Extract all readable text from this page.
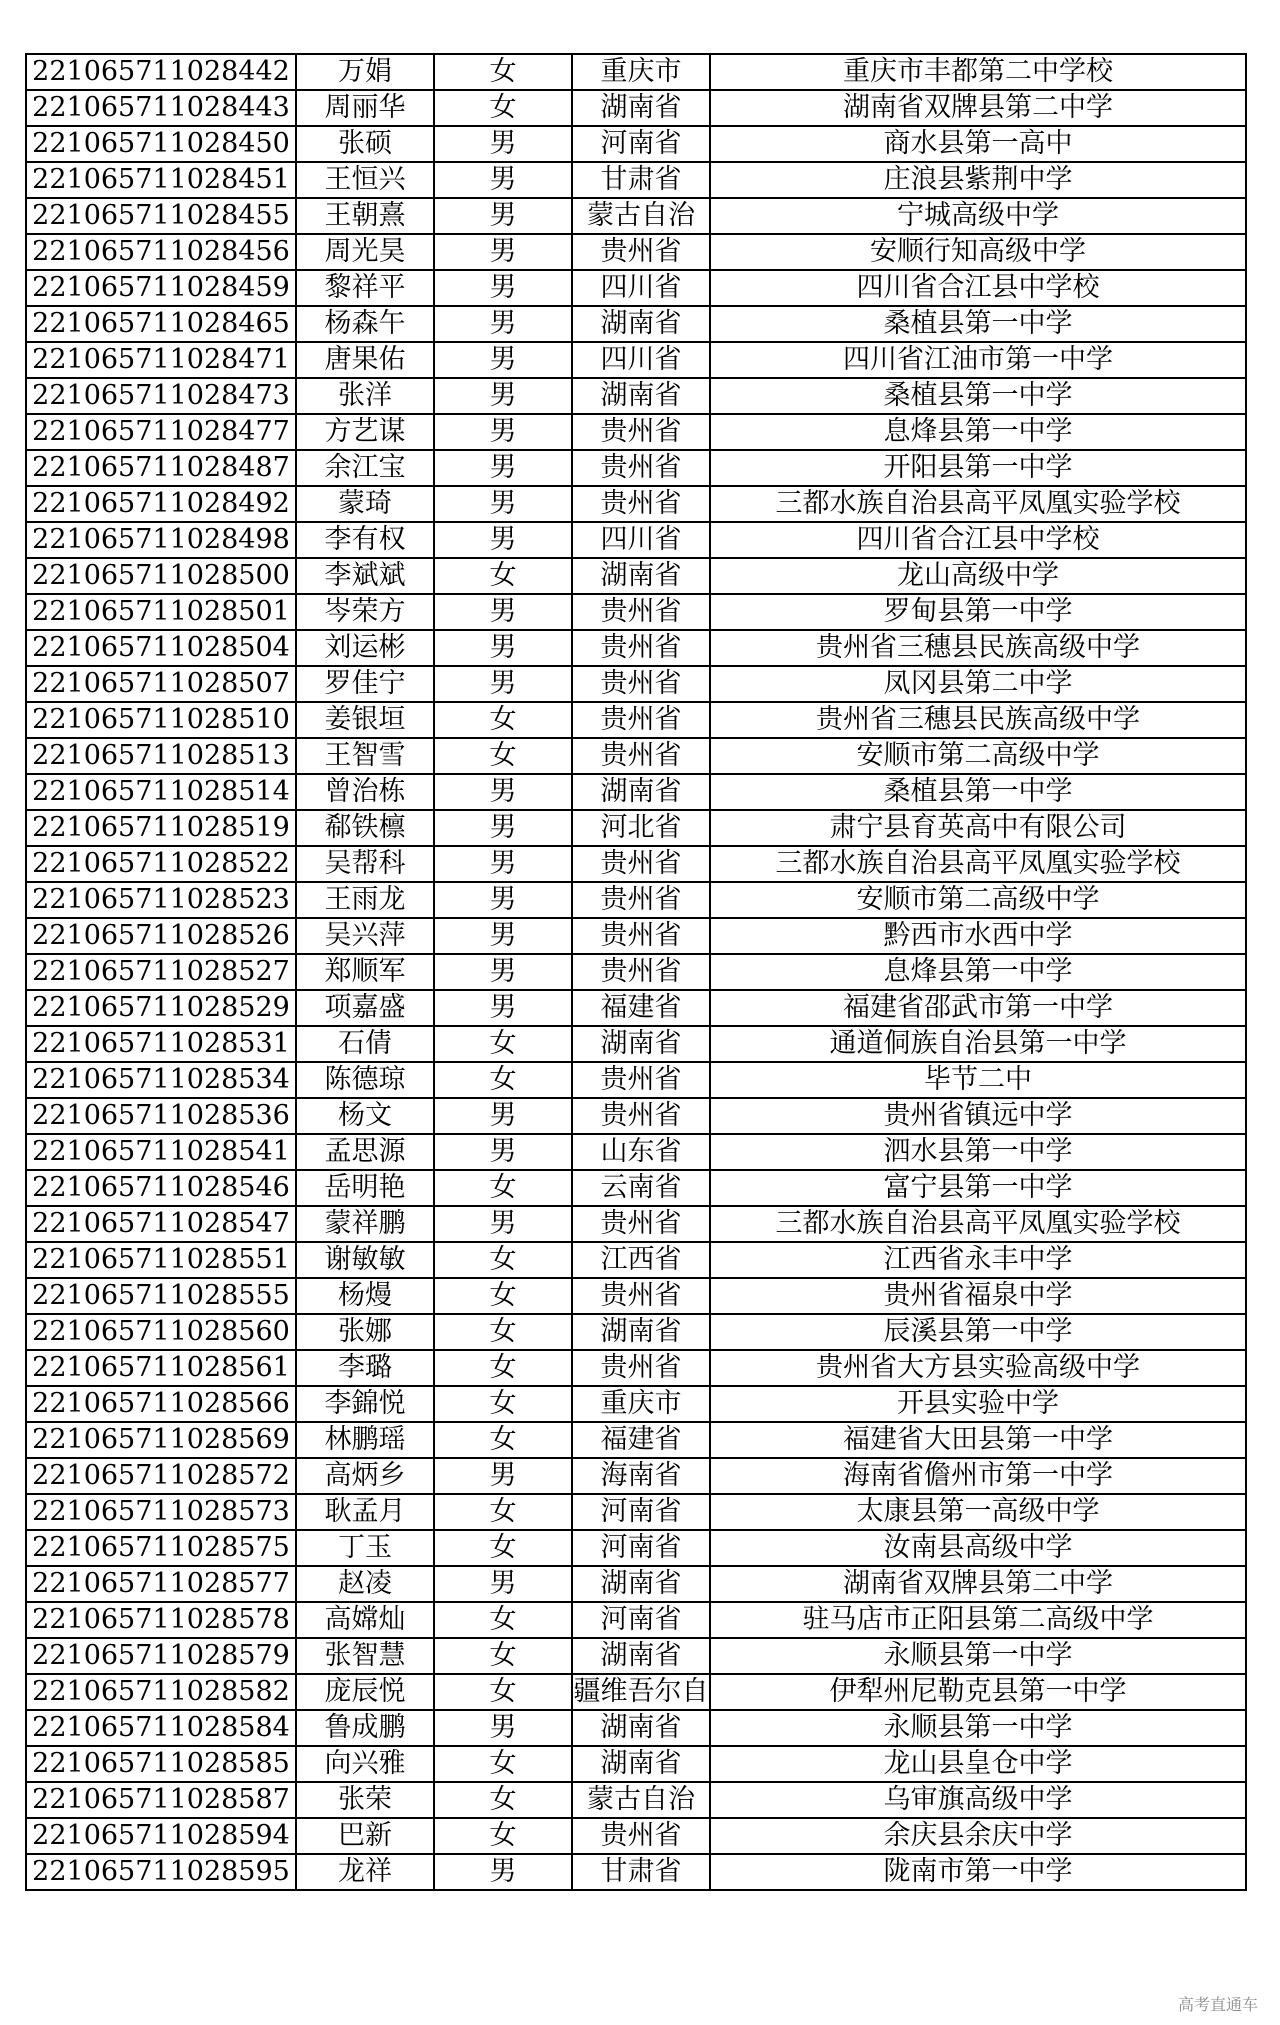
221065711028442	万娟	女	重庆市	重庆市丰都第二中学校
221065711028443	周丽华	女	湖南省	湖南省双牌县第二中学
221065711028450	张硕	男	河南省	商水县第一高中
221065711028451	王恒兴	男	甘肃省	庄浪县紫荆中学
221065711028455	王朝熹	男	蒙古自治	宁城高级中学
221065711028456	周光昊	男	贵州省	安顺行知高级中学
221065711028459	黎祥平	男	四川省	四川省合江县中学校
221065711028465	杨森午	男	湖南省	桑植县第一中学
221065711028471	唐果佑	男	四川省	四川省江油市第一中学
221065711028473	张洋	男	湖南省	桑植县第一中学
221065711028477	方艺谋	男	贵州省	息烽县第一中学
221065711028487	余江宝	男	贵州省	开阳县第一中学
221065711028492	蒙琦	男	贵州省	三都水族自治县高平凤凰实验学校
221065711028498	李有权	男	四川省	四川省合江县中学校
221065711028500	李斌斌	女	湖南省	龙山高级中学
221065711028501	岑荣方	男	贵州省	罗甸县第一中学
221065711028504	刘运彬	男	贵州省	贵州省三穗县民族高级中学
221065711028507	罗佳宁	男	贵州省	凤冈县第二中学
221065711028510	姜银垣	女	贵州省	贵州省三穗县民族高级中学
221065711028513	王智雪	女	贵州省	安顺市第二高级中学
221065711028514	曾治栋	男	湖南省	桑植县第一中学
221065711028519	郗铁檩	男	河北省	肃宁县育英高中有限公司
221065711028522	吴帮科	男	贵州省	三都水族自治县高平凤凰实验学校
221065711028523	王雨龙	男	贵州省	安顺市第二高级中学
221065711028526	吴兴萍	男	贵州省	黔西市水西中学
221065711028527	郑顺军	男	贵州省	息烽县第一中学
221065711028529	项嘉盛	男	福建省	福建省邵武市第一中学
221065711028531	石倩	女	湖南省	通道侗族自治县第一中学
221065711028534	陈德琼	女	贵州省	毕节二中
221065711028536	杨文	男	贵州省	贵州省镇远中学
221065711028541	孟思源	男	山东省	泗水县第一中学
221065711028546	岳明艳	女	云南省	富宁县第一中学
221065711028547	蒙祥鹏	男	贵州省	三都水族自治县高平凤凰实验学校
221065711028551	谢敏敏	女	江西省	江西省永丰中学
221065711028555	杨熳	女	贵州省	贵州省福泉中学
221065711028560	张娜	女	湖南省	辰溪县第一中学
221065711028561	李璐	女	贵州省	贵州省大方县实验高级中学
221065711028566	李錦悦	女	重庆市	开县实验中学
221065711028569	林鹏瑶	女	福建省	福建省大田县第一中学
221065711028572	高炳乡	男	海南省	海南省儋州市第一中学
221065711028573	耿孟月	女	河南省	太康县第一高级中学
221065711028575	丁玉	女	河南省	汝南县高级中学
221065711028577	赵凌	男	湖南省	湖南省双牌县第二中学
221065711028578	高嫦灿	女	河南省	驻马店市正阳县第二高级中学
221065711028579	张智慧	女	湖南省	永顺县第一中学
221065711028582	庞辰悦	女	疆维吾尔自	伊犁州尼勒克县第一中学
221065711028584	鲁成鹏	男	湖南省	永顺县第一中学
221065711028585	向兴雅	女	湖南省	龙山县皇仓中学
221065711028587	张荣	女	蒙古自治	乌审旗高级中学
221065711028594	巴新	女	贵州省	余庆县余庆中学
221065711028595	龙祥	男	甘肃省	陇南市第一中学
高考直通车
